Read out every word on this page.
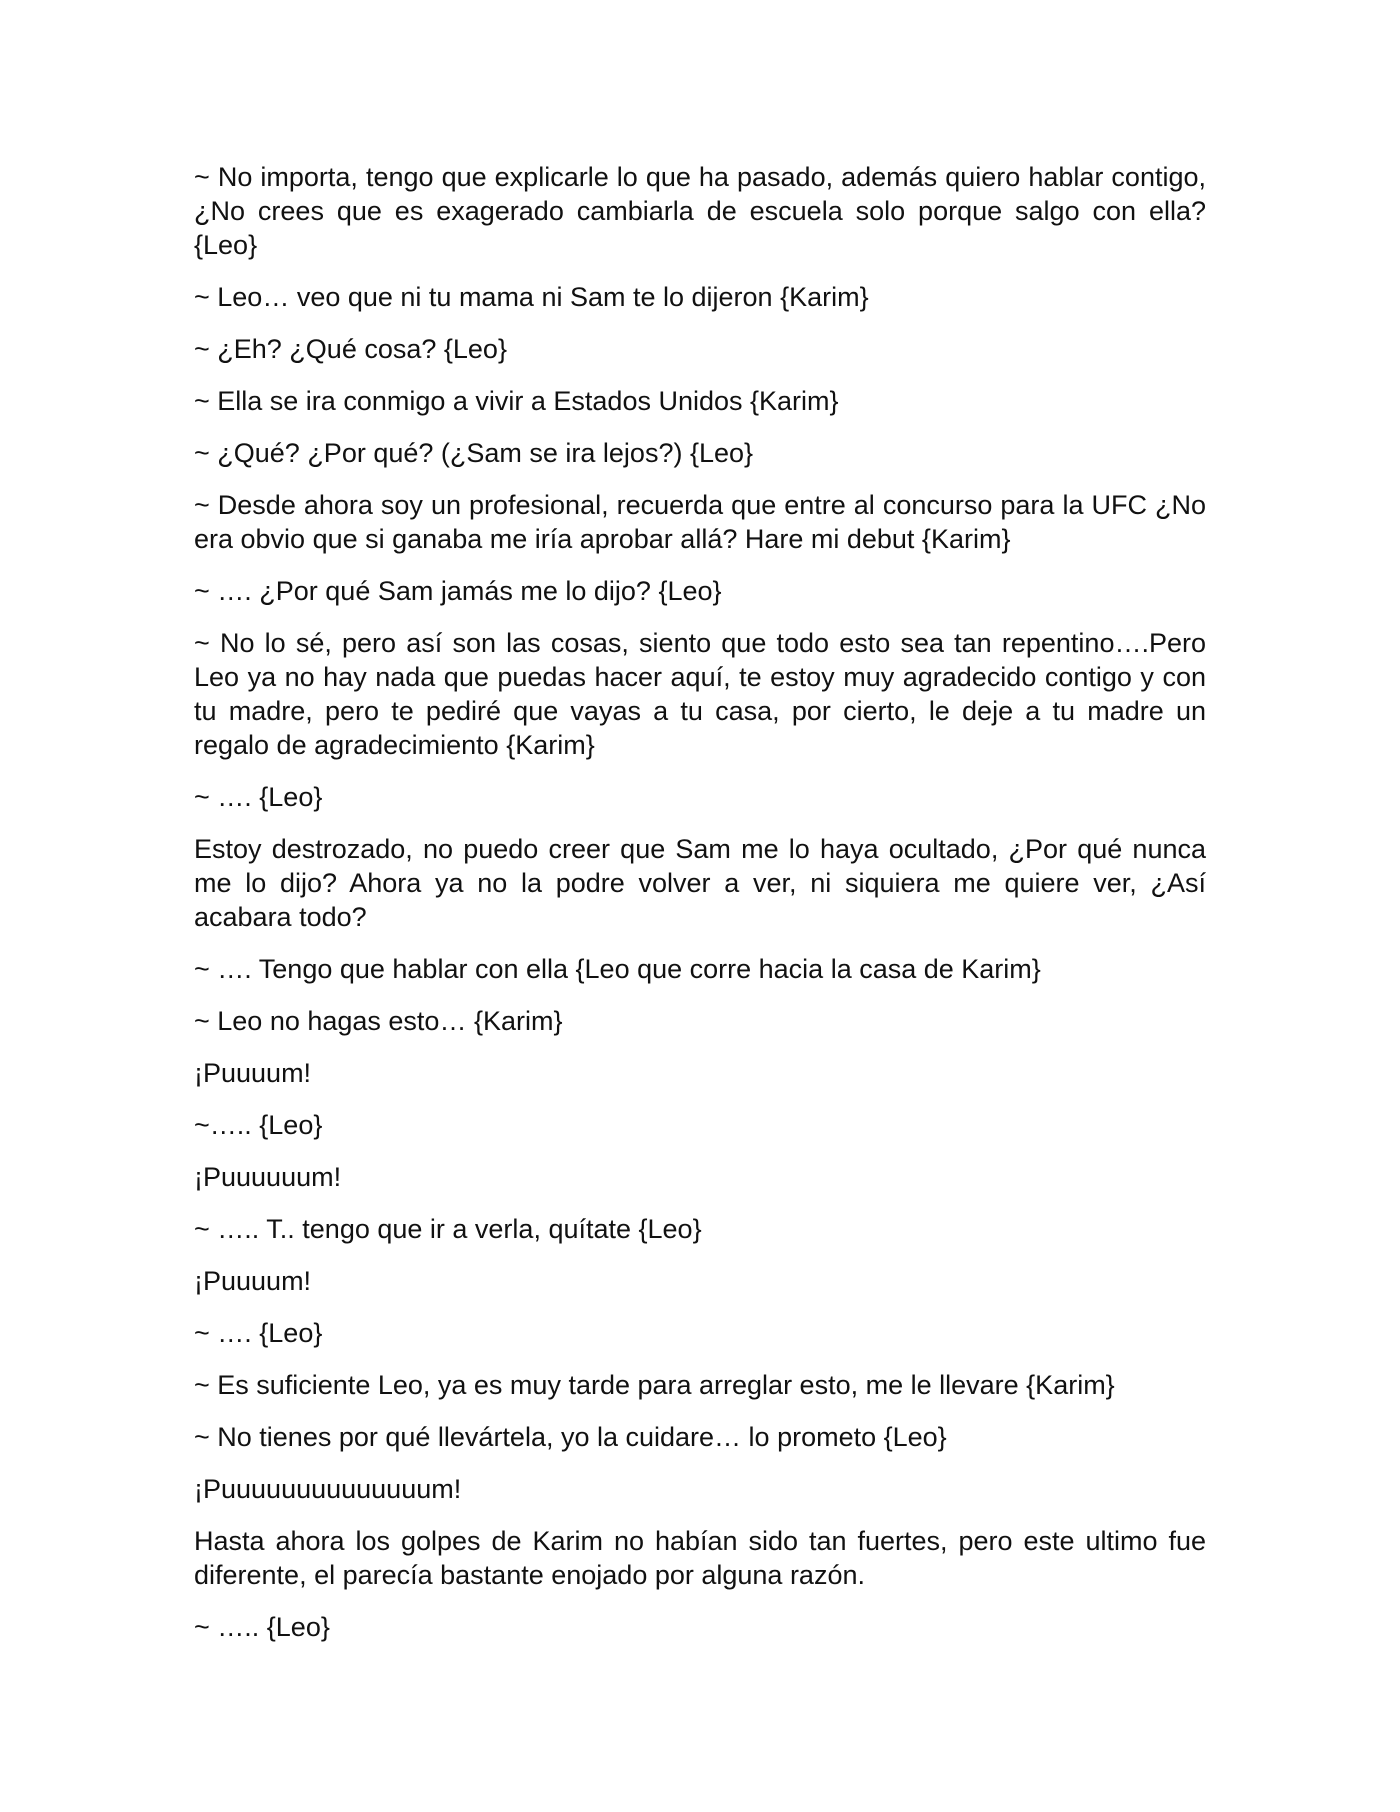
~ No importa, tengo que explicarle lo que ha pasado, además quiero hablar contigo, ¿No crees que es exagerado cambiarla de escuela solo porque salgo con ella? {Leo}

~ Leo… veo que ni tu mama ni Sam te lo dijeron {Karim}

~ ¿Eh? ¿Qué cosa? {Leo}

~ Ella se ira conmigo a vivir a Estados Unidos {Karim}

~ ¿Qué? ¿Por qué? (¿Sam se ira lejos?) {Leo}

~ Desde ahora soy un profesional, recuerda que entre al concurso para la UFC ¿No era obvio que si ganaba me iría aprobar allá? Hare mi debut {Karim}

~ …. ¿Por qué Sam jamás me lo dijo? {Leo}

~ No lo sé, pero así son las cosas, siento que todo esto sea tan repentino….Pero Leo ya no hay nada que puedas hacer aquí, te estoy muy agradecido contigo y con tu madre, pero te pediré que vayas a tu casa, por cierto, le deje a tu madre un regalo de agradecimiento {Karim}

~ …. {Leo}

Estoy destrozado, no puedo creer que Sam me lo haya ocultado, ¿Por qué nunca me lo dijo? Ahora ya no la podre volver a ver, ni siquiera me quiere ver, ¿Así acabara todo?

~ …. Tengo que hablar con ella {Leo que corre hacia la casa de Karim}

~ Leo no hagas esto… {Karim}

¡Puuuum!

~….. {Leo}

¡Puuuuuum!

~ ….. T.. tengo que ir a verla, quítate {Leo}

¡Puuuum!

~ …. {Leo}

~ Es suficiente Leo, ya es muy tarde para arreglar esto, me le llevare {Karim}

~ No tienes por qué llevártela, yo la cuidare… lo prometo {Leo}

¡Puuuuuuuuuuuuuum!

Hasta ahora los golpes de Karim no habían sido tan fuertes, pero este ultimo fue diferente, el parecía bastante enojado por alguna razón.

~ ….. {Leo}
